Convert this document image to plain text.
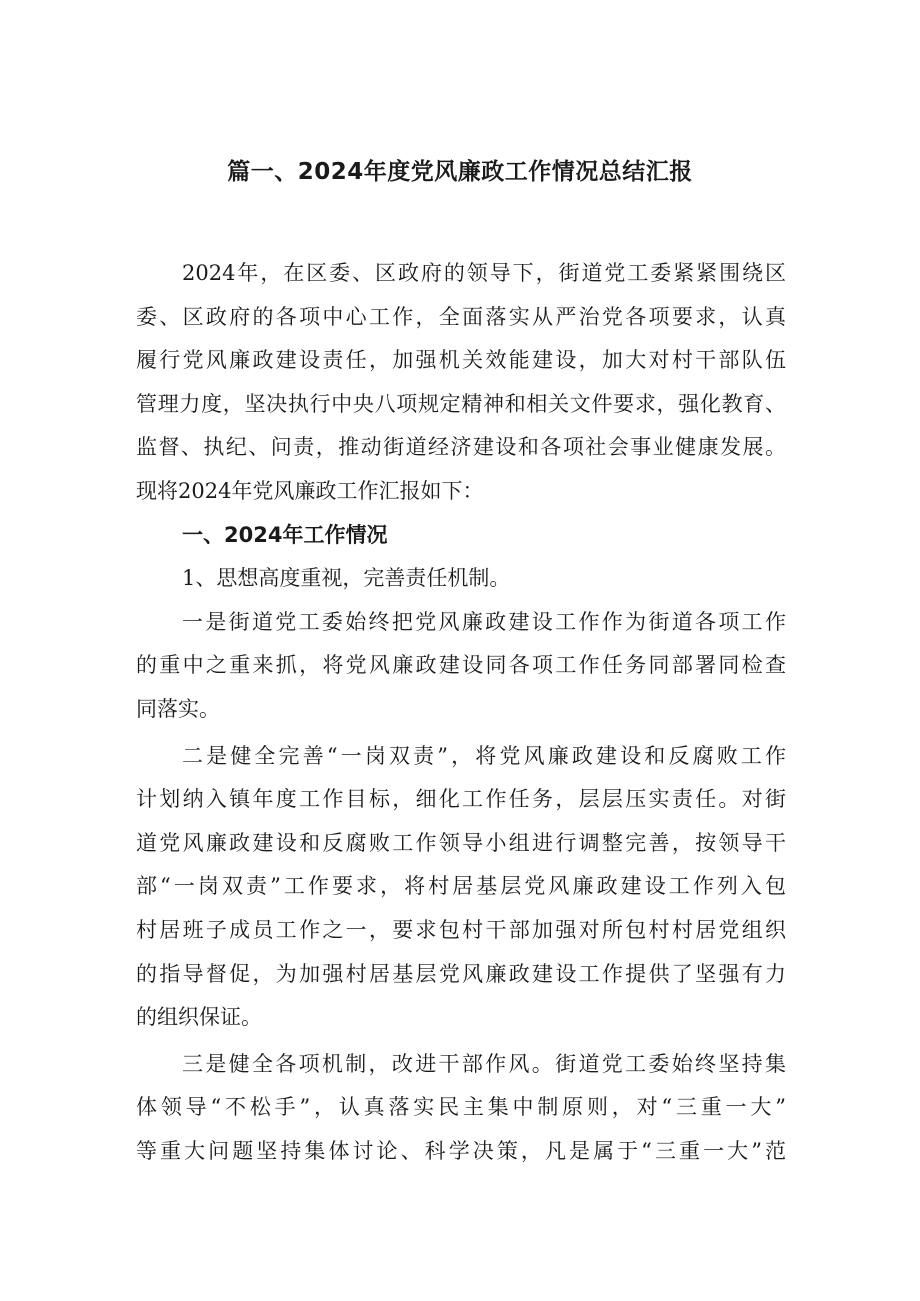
篇一、2024年度党风廉政工作情况总结汇报
2024年，在区委、区政府的领导下，街道党工委紧紧围绕区
委、区政府的各项中心工作，全面落实从严治党各项要求，认真
履行党风廉政建设责任，加强机关效能建设，加大对村干部队伍
管理力度，坚决执行中央八项规定精神和相关文件要求，强化教育、
监督、执纪、问责，推动街道经济建设和各项社会事业健康发展。
现将2024年党风廉政工作汇报如下：
一、2024年工作情况
1、思想高度重视，完善责任机制。
一是街道党工委始终把党风廉政建设工作作为街道各项工作
的重中之重来抓，将党风廉政建设同各项工作任务同部署同检查
同落实。
二是健全完善“一岗双责”，将党风廉政建设和反腐败工作
计划纳入镇年度工作目标，细化工作任务，层层压实责任。对街
道党风廉政建设和反腐败工作领导小组进行调整完善，按领导干
部“一岗双责”工作要求，将村居基层党风廉政建设工作列入包
村居班子成员工作之一，要求包村干部加强对所包村村居党组织
的指导督促，为加强村居基层党风廉政建设工作提供了坚强有力
的组织保证。
三是健全各项机制，改进干部作风。街道党工委始终坚持集
体领导“不松手”，认真落实民主集中制原则，对“三重一大”
等重大问题坚持集体讨论、科学决策，凡是属于“三重一大”范
